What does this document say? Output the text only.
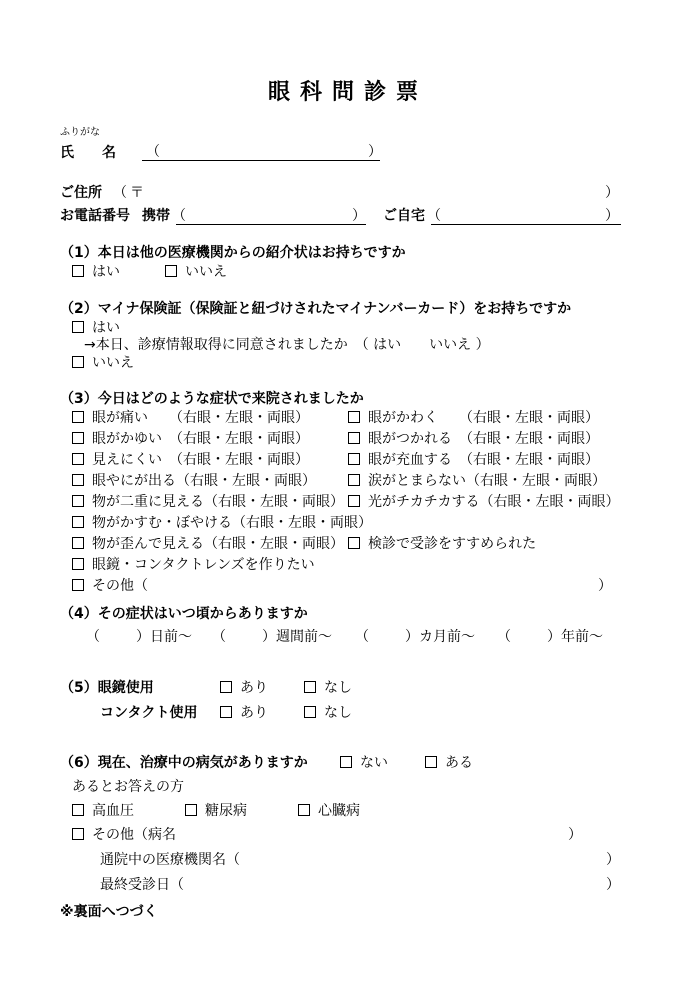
眼科問診票
ふりがな
氏　　名 （	）
ご住所 （ 〒	）
お電話番号 携帯 （	） ご自宅 （	）
（1）本日は他の医療機関からの紹介状はお持ちですか
はい	いいえ
（2）マイナ保険証（保険証と紐づけされたマイナンバーカード）をお持ちですか
はい
→本日、診療情報取得に同意されましたか　（ はい　　いいえ ）
いいえ
（3）今日はどのような症状で来院されましたか
眼が痛い　　（右眼・左眼・両眼）	眼がかわく　　（右眼・左眼・両眼）
眼がかゆい　（右眼・左眼・両眼）	眼がつかれる　（右眼・左眼・両眼）
見えにくい　（右眼・左眼・両眼）	眼が充血する　（右眼・左眼・両眼）
眼やにが出る（右眼・左眼・両眼）	涙がとまらない（右眼・左眼・両眼）
物が二重に見える（右眼・左眼・両眼）	光がチカチカする（右眼・左眼・両眼）
物がかすむ・ぼやける（右眼・左眼・両眼）
物が歪んで見える（右眼・左眼・両眼）	検診で受診をすすめられた
眼鏡・コンタクトレンズを作りたい
その他（	）
（4）その症状はいつ頃からありますか
（	）日前～ （	）週間前～ （	）カ月前～ （	）年前～
（5）眼鏡使用	あり	なし
コンタクト使用	あり	なし
（6）現在、治療中の病気がありますか	ない	ある
あるとお答えの方
高血圧	糖尿病	心臓病
その他（病名	）
通院中の医療機関名（	）
最終受診日（	）
※裏面へつづく
